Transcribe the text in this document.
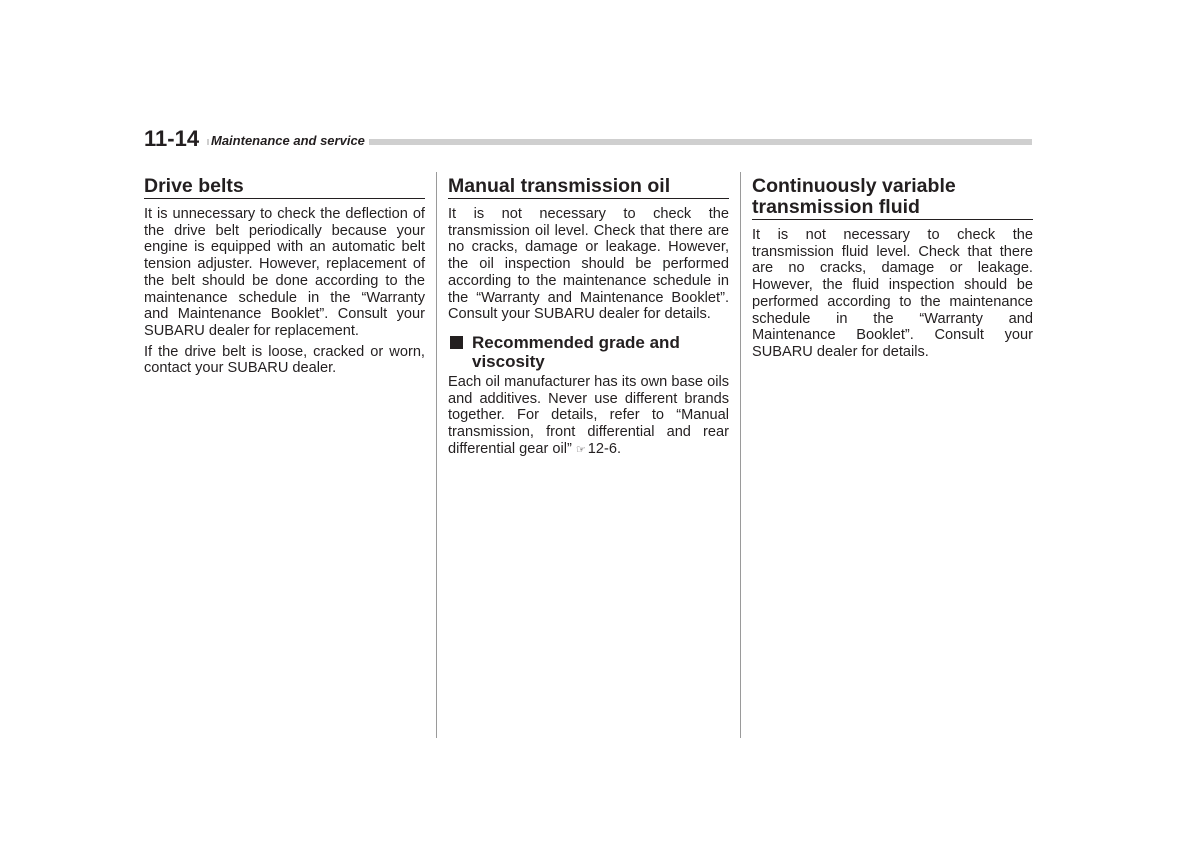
11-14 Maintenance and service
Drive belts

It is unnecessary to check the deflection of the drive belt periodically because your engine is equipped with an automatic belt tension adjuster. However, replacement of the belt should be done according to the maintenance schedule in the “Warranty and Maintenance Booklet”. Consult your SUBARU dealer for replacement.

If the drive belt is loose, cracked or worn, contact your SUBARU dealer.

Manual transmission oil

It is not necessary to check the transmission oil level. Check that there are no cracks, damage or leakage. However, the oil inspection should be performed according to the maintenance schedule in the “Warranty and Maintenance Booklet”. Consult your SUBARU dealer for details.

Recommended grade and viscosity

Each oil manufacturer has its own base oils and additives. Never use different brands together. For details, refer to “Manual transmission, front differential and rear differential gear oil” ☞ 12-6.

Continuously variable transmission fluid

It is not necessary to check the transmission fluid level. Check that there are no cracks, damage or leakage. However, the fluid inspection should be performed according to the maintenance schedule in the “Warranty and Maintenance Booklet”. Consult your SUBARU dealer for details.
